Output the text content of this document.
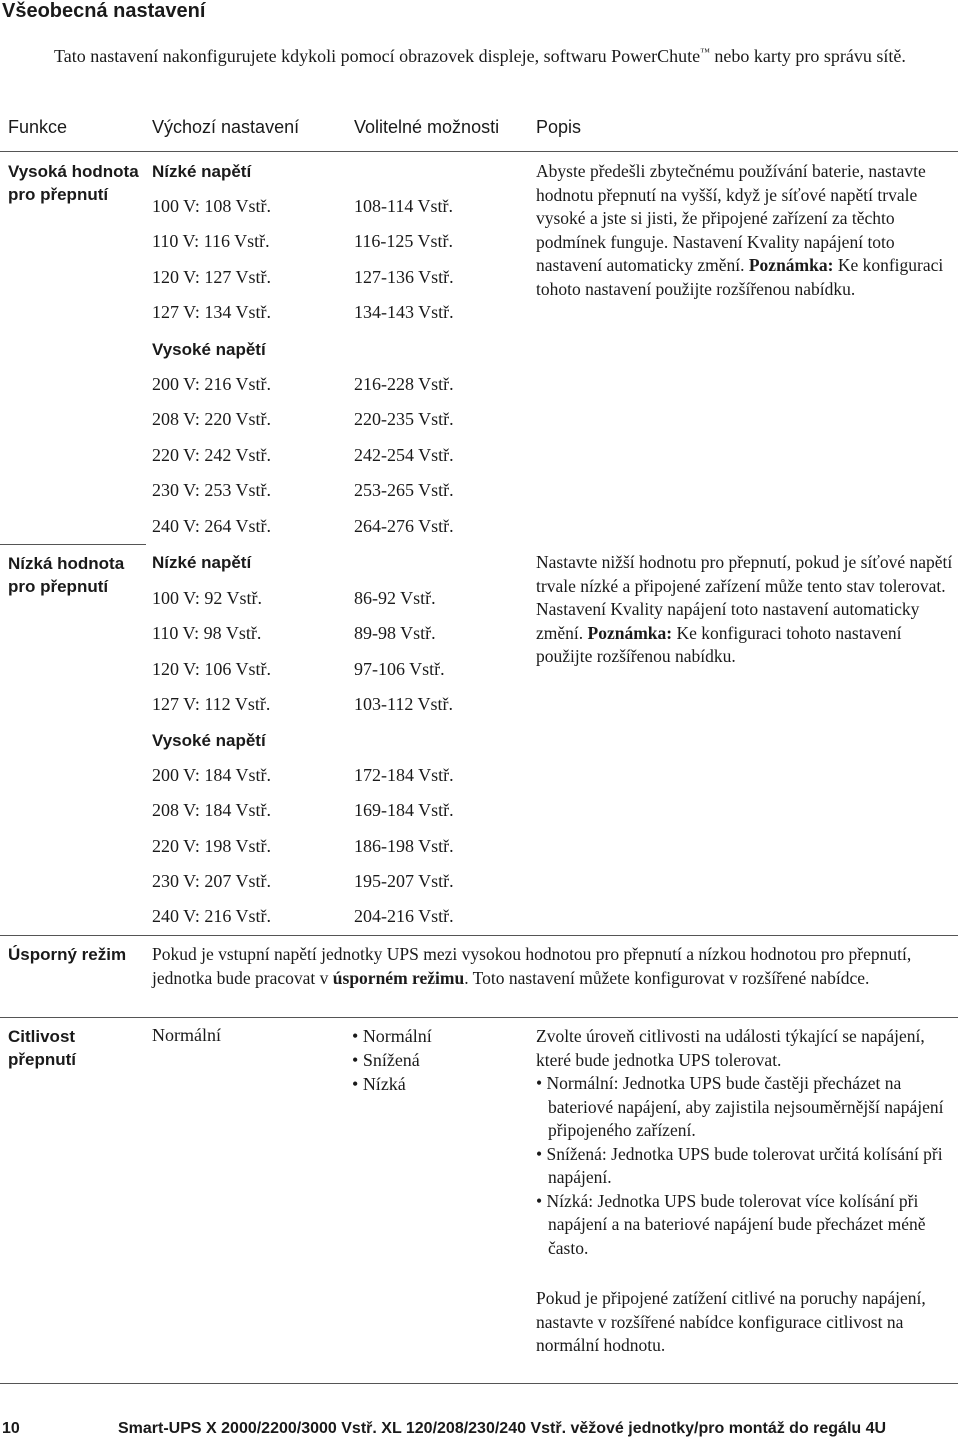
Všeobecná nastavení
Tato nastavení nakonfigurujete kdykoli pomocí obrazovek displeje, softwaru PowerChute™ nebo karty pro správu sítě.
Funkce	Výchozí nastavení	Volitelné možnosti Popis
Vysoká hodnota pro přepnutí
Nízké napětí
100 V: 108 Vstř.	108-114 Vstř.
110 V: 116 Vstř.	116-125 Vstř.
120 V: 127 Vstř.	127-136 Vstř.
127 V: 134 Vstř.	134-143 Vstř.
Vysoké napětí
200 V: 216 Vstř.	216-228 Vstř.
208 V: 220 Vstř.	220-235 Vstř.
220 V: 242 Vstř.	242-254 Vstř.
230 V: 253 Vstř.	253-265 Vstř.
240 V: 264 Vstř.	264-276 Vstř.
Abyste předešli zbytečnému používání baterie, nastavte hodnotu přepnutí na vyšší, když je síťové napětí trvale vysoké a jste si jisti, že připojené zařízení za těchto podmínek funguje. Nastavení Kvality napájení toto nastavení automaticky změní. Poznámka: Ke konfiguraci tohoto nastavení použijte rozšířenou nabídku.
Nízká hodnota pro přepnutí
Nízké napětí
100 V: 92 Vstř.	86-92 Vstř.
110 V: 98 Vstř.	89-98 Vstř.
120 V: 106 Vstř.	97-106 Vstř.
127 V: 112 Vstř.	103-112 Vstř.
Vysoké napětí
200 V: 184 Vstř.	172-184 Vstř.
208 V: 184 Vstř.	169-184 Vstř.
220 V: 198 Vstř.	186-198 Vstř.
230 V: 207 Vstř.	195-207 Vstř.
240 V: 216 Vstř.	204-216 Vstř.
Nastavte nižší hodnotu pro přepnutí, pokud je síťové napětí trvale nízké a připojené zařízení může tento stav tolerovat. Nastavení Kvality napájení toto nastavení automaticky změní. Poznámka: Ke konfiguraci tohoto nastavení použijte rozšířenou nabídku.
Úsporný režim	Pokud je vstupní napětí jednotky UPS mezi vysokou hodnotou pro přepnutí a nízkou hodnotou pro přepnutí, jednotka bude pracovat v úsporném režimu. Toto nastavení můžete konfigurovat v rozšířené nabídce.
Citlivost přepnutí
Normální
•	Normální
• Snížená
• Nízká
Zvolte úroveň citlivosti na události týkající se napájení, které bude jednotka UPS tolerovat.
• Normální: Jednotka UPS bude častěji přecházet na bateriové napájení, aby zajistila nejsouměrnější napájení připojeného zařízení.
• Snížená: Jednotka UPS bude tolerovat určitá kolísání při napájení.
• Nízká: Jednotka UPS bude tolerovat více kolísání při napájení a na bateriové napájení bude přecházet méně často.
Pokud je připojené zatížení citlivé na poruchy napájení, nastavte v rozšířené nabídce konfigurace citlivost na normální hodnotu.
10	Smart-UPS X 2000/2200/3000 Vstř. XL 120/208/230/240 Vstř. věžové jednotky/pro montáž do regálu 4U
